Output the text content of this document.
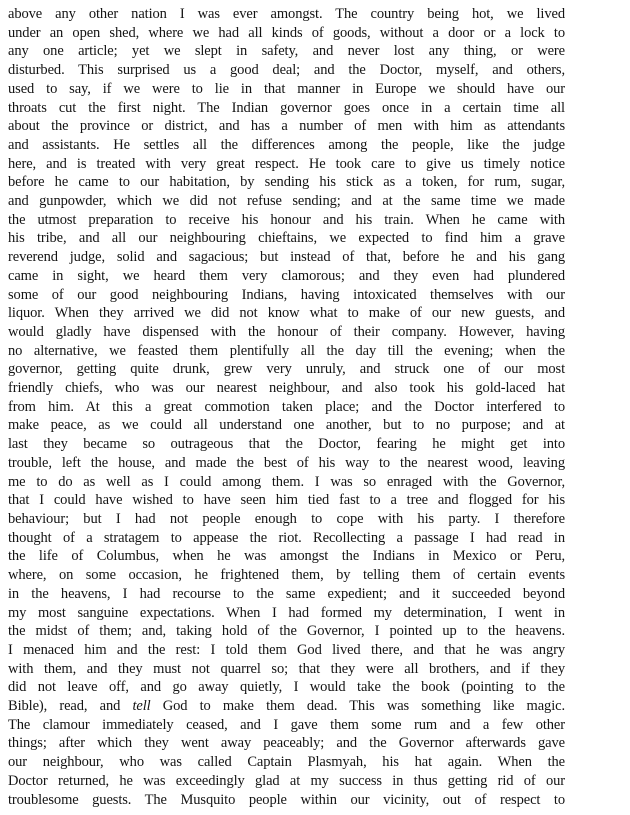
above any other nation I was ever amongst. The country being hot, we lived
under an open shed, where we had all kinds of goods, without a door or a lock to
any one article; yet we slept in safety, and never lost any thing, or were
disturbed. This surprised us a good deal; and the Doctor, myself, and others,
used to say, if we were to lie in that manner in Europe we should have our
throats cut the first night. The Indian governor goes once in a certain time all
about the province or district, and has a number of men with him as attendants
and assistants. He settles all the differences among the people, like the judge
here, and is treated with very great respect. He took care to give us timely notice
before he came to our habitation, by sending his stick as a token, for rum, sugar,
and gunpowder, which we did not refuse sending; and at the same time we made
the utmost preparation to receive his honour and his train. When he came with
his tribe, and all our neighbouring chieftains, we expected to find him a grave
reverend judge, solid and sagacious; but instead of that, before he and his gang
came in sight, we heard them very clamorous; and they even had plundered
some of our good neighbouring Indians, having intoxicated themselves with our
liquor. When they arrived we did not know what to make of our new guests, and
would gladly have dispensed with the honour of their company. However, having
no alternative, we feasted them plentifully all the day till the evening; when the
governor, getting quite drunk, grew very unruly, and struck one of our most
friendly chiefs, who was our nearest neighbour, and also took his gold-laced hat
from him. At this a great commotion taken place; and the Doctor interfered to
make peace, as we could all understand one another, but to no purpose; and at
last they became so outrageous that the Doctor, fearing he might get into
trouble, left the house, and made the best of his way to the nearest wood, leaving
me to do as well as I could among them. I was so enraged with the Governor,
that I could have wished to have seen him tied fast to a tree and flogged for his
behaviour; but I had not people enough to cope with his party. I therefore
thought of a stratagem to appease the riot. Recollecting a passage I had read in
the life of Columbus, when he was amongst the Indians in Mexico or Peru,
where, on some occasion, he frightened them, by telling them of certain events
in the heavens, I had recourse to the same expedient; and it succeeded beyond
my most sanguine expectations. When I had formed my determination, I went in
the midst of them; and, taking hold of the Governor, I pointed up to the heavens.
I menaced him and the rest: I told them God lived there, and that he was angry
with them, and they must not quarrel so; that they were all brothers, and if they
did not leave off, and go away quietly, I would take the book (pointing to the
Bible), read, and tell God to make them dead. This was something like magic.
The clamour immediately ceased, and I gave them some rum and a few other
things; after which they went away peaceably; and the Governor afterwards gave
our neighbour, who was called Captain Plasmyah, his hat again. When the
Doctor returned, he was exceedingly glad at my success in thus getting rid of our
troublesome guests. The Musquito people within our vicinity, out of respect to
